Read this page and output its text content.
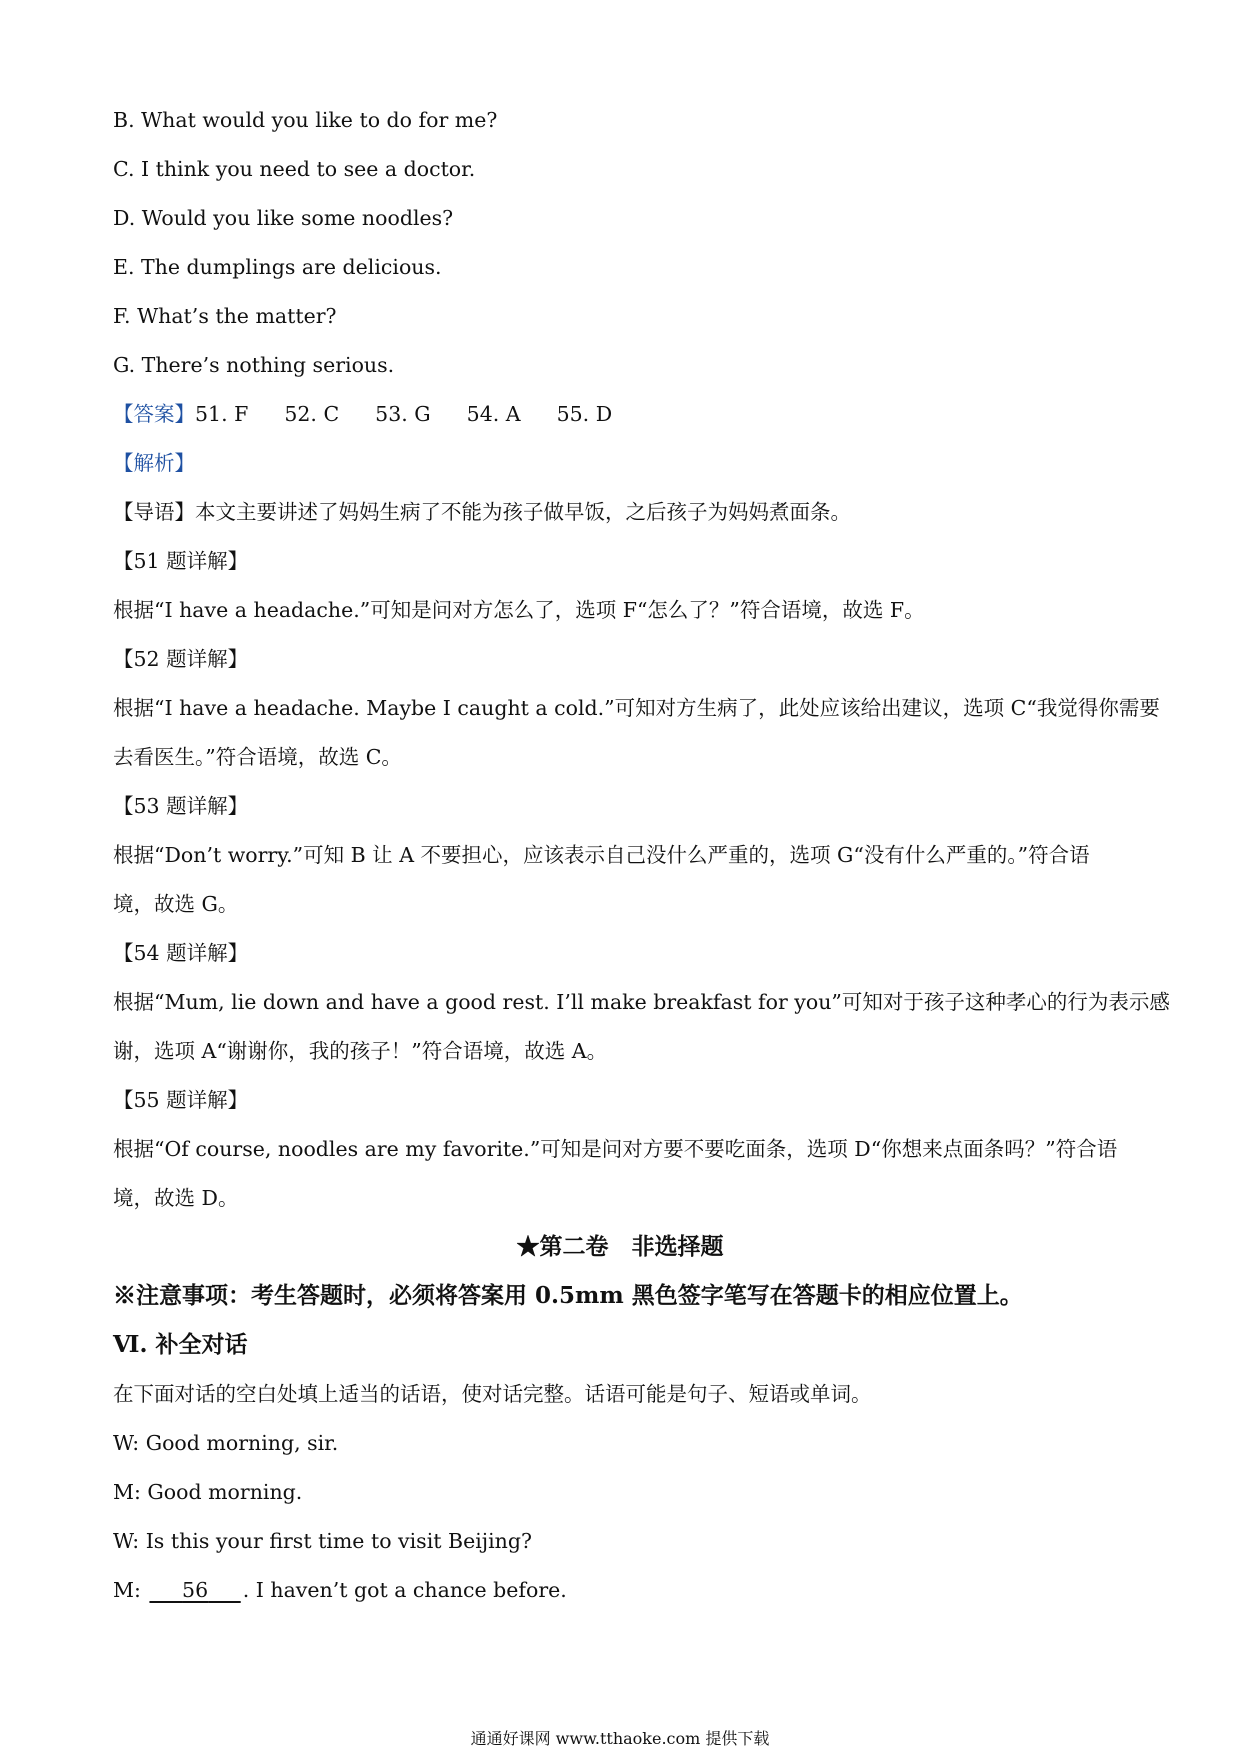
B. What would you like to do for me?
C. I think you need to see a doctor.
D. Would you like some noodles?
E. The dumplings are delicious.
F. What’s the matter?
G. There’s nothing serious.
【答案】51. F 52. C 53. G 54. A 55. D
【解析】
【导语】本文主要讲述了妈妈生病了不能为孩子做早饭，之后孩子为妈妈煮面条。
【51 题详解】
根据“I have a headache.”可知是问对方怎么了，选项 F“怎么了？”符合语境，故选 F。
【52 题详解】
根据“I have a headache. Maybe I caught a cold.”可知对方生病了，此处应该给出建议，选项 C“我觉得你需要
去看医生。”符合语境，故选 C。
【53 题详解】
根据“Don’t worry.”可知 B 让 A 不要担心，应该表示自己没什么严重的，选项 G“没有什么严重的。”符合语
境，故选 G。
【54 题详解】
根据“Mum, lie down and have a good rest. I’ll make breakfast for you”可知对于孩子这种孝心的行为表示感
谢，选项 A“谢谢你，我的孩子！”符合语境，故选 A。
【55 题详解】
根据“Of course, noodles are my favorite.”可知是问对方要不要吃面条，选项 D“你想来点面条吗？”符合语
境，故选 D。
★第二卷　非选择题
※注意事项：考生答题时，必须将答案用 0.5mm 黑色签字笔写在答题卡的相应位置上。
Ⅵ. 补全对话
在下面对话的空白处填上适当的话语，使对话完整。话语可能是句子、短语或单词。
W: Good morning, sir.
M: Good morning.
W: Is this your first time to visit Beijing?
M: 56 . I haven’t got a chance before.
通通好课网 www.tthaoke.com 提供下载
